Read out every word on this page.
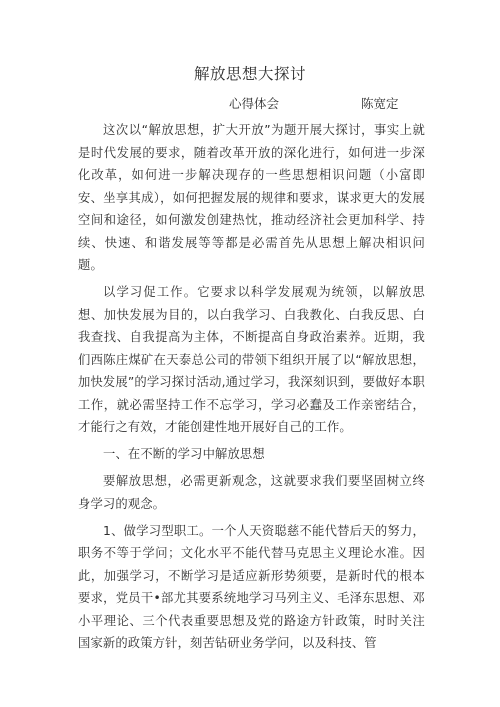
解放思想大探讨
心得体会	陈宽定

这次以“解放思想，扩大开放”为题开展大探讨，事实上就是时代发展的要求，随着改革开放的深化进行，如何进一步深化改革，如何进一步解决现存的一些思想相识问题（小富即安、坐享其成），如何把握发展的规律和要求，谋求更大的发展空间和途径，如何激发创建热忱，推动经济社会更加科学、持续、快速、和谐发展等等都是必需首先从思想上解决相识问题。

以学习促工作。它要求以科学发展观为统领，以解放思想、加快发展为目的，以白我学习、白我教化、白我反思、白我查找、自我提高为主体，不断提高自身政治素养。近期，我们西陈庄煤矿在天泰总公司的带领下组织开展了以“解放思想，加快发展”的学习探讨活动,通过学习，我深刻识到，要做好本职工作，就必需坚持工作不忘学习，学习必蠢及工作亲密结合，才能行之有效，才能创建性地开展好自己的工作。

一、在不断的学习中解放思想

要解放思想，必需更新观念，这就要求我们要坚固树立终身学习的观念。

1、做学习型职工。一个人天资聪慈不能代替后天的努力，职务不等于学问；文化水平不能代替马克思主义理论水准。因此，加强学习，不断学习是适应新形势须要，是新时代的根本要求，党员干•部尤其要系统地学习马列主义、毛泽东思想、邓小平理论、三个代表重要思想及党的路途方针政策，时时关注国家新的政策方针，刻苦钻研业务学问，以及科技、管
